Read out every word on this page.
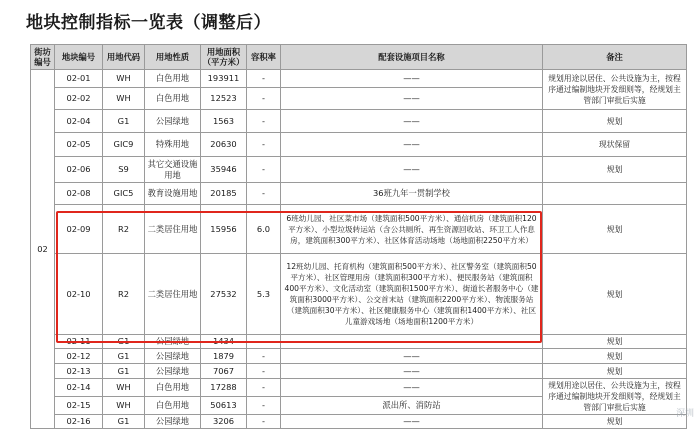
地块控制指标一览表（调整后）
街坊编号	地块编号	用地代码	用地性质	用地面积（平方米）	容积率	配套设施项目名称	备注
02	02-01	WH	白色用地	193911	-	——	规划用途以居住、公共设施为主，按程序通过编制地块开发细则等，经规划主管部门审批后实施
	02-02	WH	白色用地	12523	-	——	
	02-04	G1	公园绿地	1563	-	——	规划
	02-05	GIC9	特殊用地	20630	-	——	现状保留
	02-06	S9	其它交通设施用地	35946	-	——	规划
	02-08	GIC5	教育设施用地	20185	-	36班九年一贯制学校	
	02-09	R2	二类居住用地	15956	6.0	6班幼儿园、社区菜市场（建筑面积500平方米）、通信机房（建筑面积120平方米）、小型垃圾转运站（含公共厕所、再生资源回收站、环卫工人作息房，建筑面积300平方米）、社区体育活动场地（场地面积2250平方米）	规划
	02-10	R2	二类居住用地	27532	5.3	12班幼儿园、托育机构（建筑面积500平方米）、社区警务室（建筑面积50平方米）、社区管理用房（建筑面积300平方米）、便民服务站（建筑面积400平方米）、文化活动室（建筑面积1500平方米）、街道长者服务中心（建筑面积3000平方米）、公交首末站（建筑面积2200平方米）、物流服务站（建筑面积30平方米）、社区健康服务中心（建筑面积1400平方米）、社区儿童游戏场地（场地面积1200平方米）	规划
	02-11	G1	公园绿地	1434	-	——	规划
	02-12	G1	公园绿地	1879	-	——	规划
	02-13	G1	公园绿地	7067	-	——	规划
	02-14	WH	白色用地	17288	-	——	规划用途以居住、公共设施为主，按程序通过编制地块开发细则等，经规划主管部门审批后实施
	02-15	WH	白色用地	50613	-	派出所、消防站	
	02-16	G1	公园绿地	3206	-	——	规划
深圳
